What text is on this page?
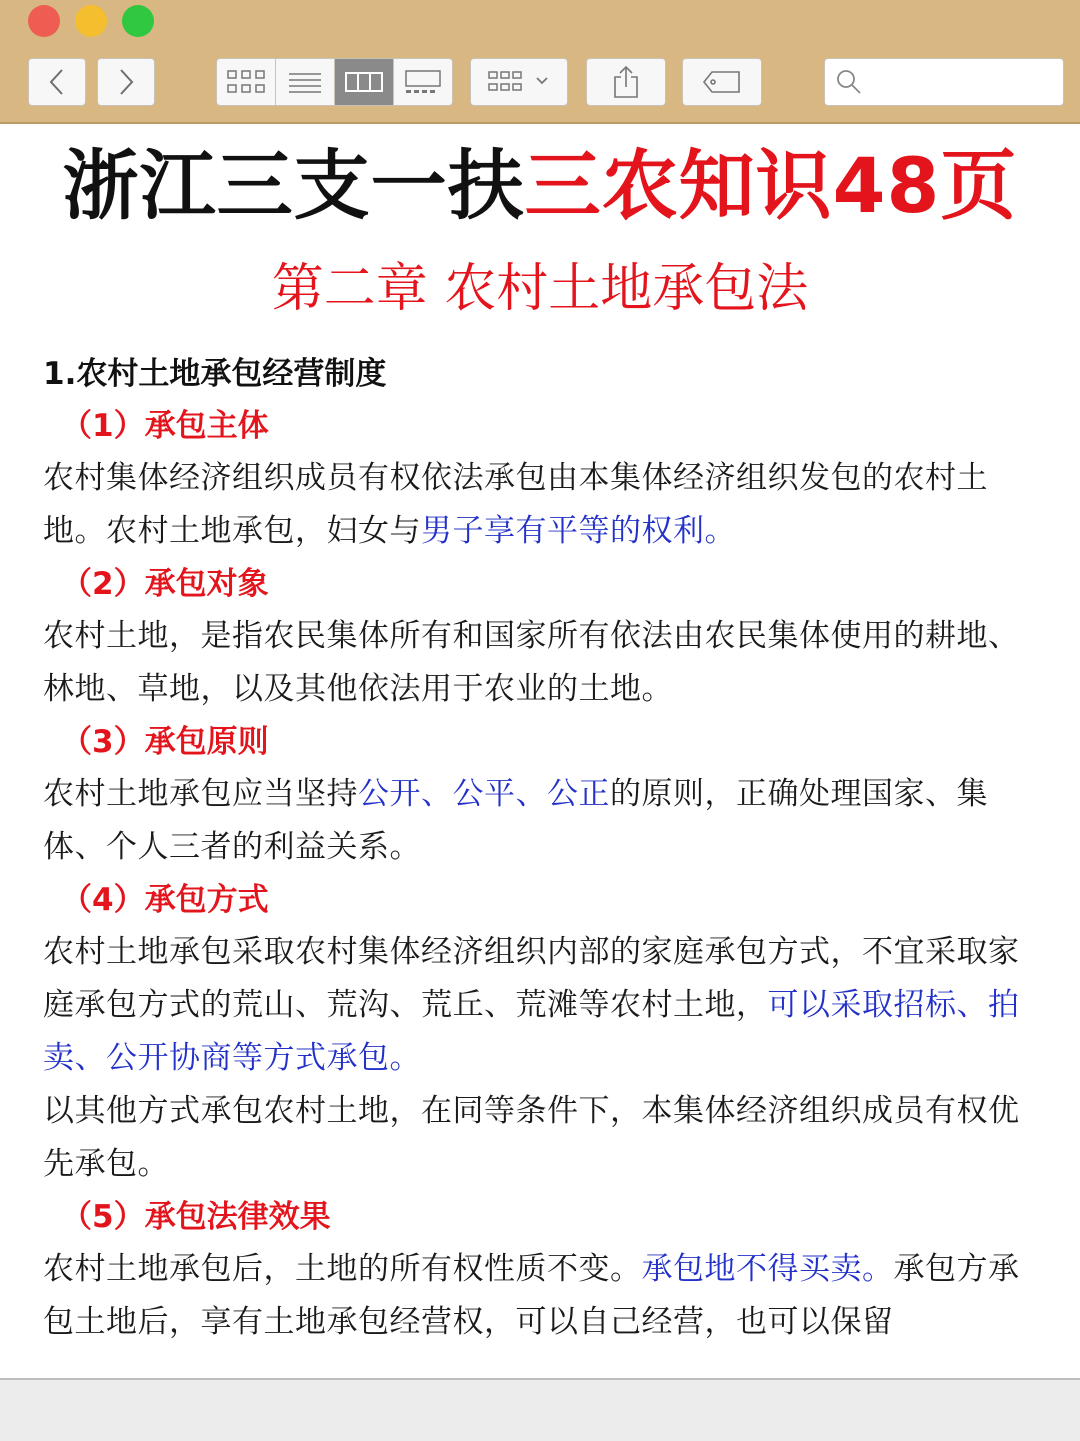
浙江三支一扶三农知识48页
第二章 农村土地承包法
1.农村土地承包经营制度
（1）承包主体
农村集体经济组织成员有权依法承包由本集体经济组织发包的农村土地。农村土地承包，妇女与男子享有平等的权利。
（2）承包对象
农村土地，是指农民集体所有和国家所有依法由农民集体使用的耕地、林地、草地，以及其他依法用于农业的土地。
（3）承包原则
农村土地承包应当坚持公开、公平、公正的原则，正确处理国家、集体、个人三者的利益关系。
（4）承包方式
农村土地承包采取农村集体经济组织内部的家庭承包方式，不宜采取家庭承包方式的荒山、荒沟、荒丘、荒滩等农村土地，可以采取招标、拍卖、公开协商等方式承包。
以其他方式承包农村土地，在同等条件下，本集体经济组织成员有权优先承包。
（5）承包法律效果
农村土地承包后，土地的所有权性质不变。承包地不得买卖。承包方承包土地后，享有土地承包经营权，可以自己经营，也可以保留
